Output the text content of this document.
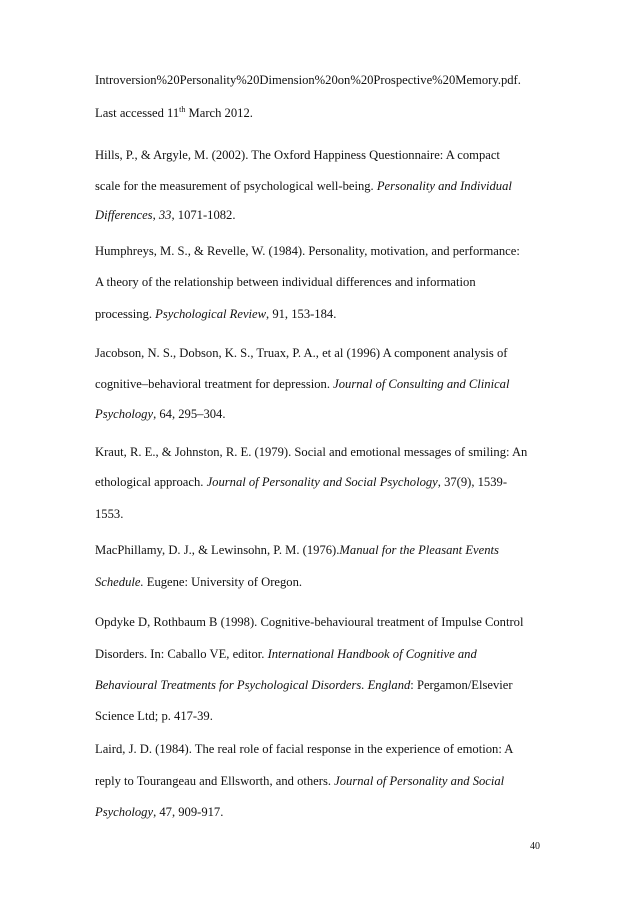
Introversion%20Personality%20Dimension%20on%20Prospective%20Memory.pdf.
Last accessed 11th March 2012.
Hills, P., & Argyle, M. (2002). The Oxford Happiness Questionnaire: A compact
scale for the measurement of psychological well-being. Personality and Individual
Differences, 33, 1071-1082.
Humphreys, M. S., & Revelle, W. (1984). Personality, motivation, and performance:
A theory of the relationship between individual differences and information
processing. Psychological Review, 91, 153-184.
Jacobson, N. S., Dobson, K. S., Truax, P. A., et al (1996) A component analysis of
cognitive–behavioral treatment for depression. Journal of Consulting and Clinical
Psychology, 64, 295–304.
Kraut, R. E., & Johnston, R. E. (1979). Social and emotional messages of smiling: An
ethological approach. Journal of Personality and Social Psychology, 37(9), 1539-
1553.
MacPhillamy, D. J., & Lewinsohn, P. M. (1976).Manual for the Pleasant Events
Schedule. Eugene: University of Oregon.
Opdyke D, Rothbaum B (1998). Cognitive-behavioural treatment of Impulse Control
Disorders. In: Caballo VE, editor. International Handbook of Cognitive and
Behavioural Treatments for Psychological Disorders. England: Pergamon/Elsevier
Science Ltd; p. 417-39.
Laird, J. D. (1984). The real role of facial response in the experience of emotion: A
reply to Tourangeau and Ellsworth, and others. Journal of Personality and Social
Psychology, 47, 909-917.
40
